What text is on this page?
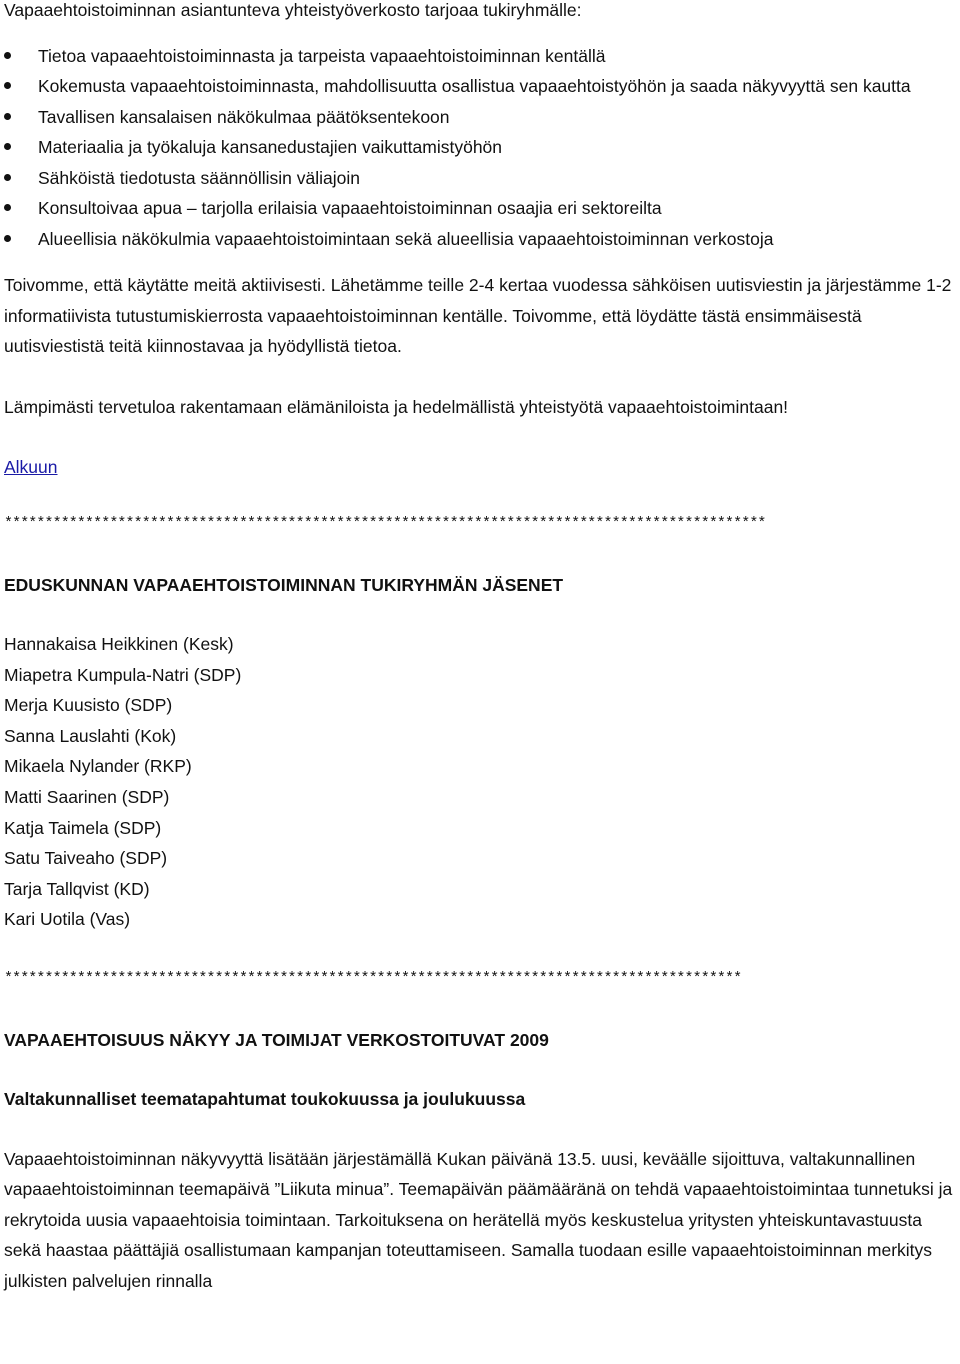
Vapaaehtoistoiminnan asiantunteva yhteistyöverkosto tarjoaa tukiryhmälle:

Tietoa vapaaehtoistoiminnasta ja tarpeista vapaaehtoistoiminnan kentällä
Kokemusta vapaaehtoistoiminnasta, mahdollisuutta osallistua vapaaehtoistyöhön ja saada näkyvyyttä sen kautta
Tavallisen kansalaisen näkökulmaa päätöksentekoon
Materiaalia ja työkaluja kansanedustajien vaikuttamistyöhön
Sähköistä tiedotusta säännöllisin väliajoin
Konsultoivaa apua – tarjolla erilaisia vapaaehtoistoiminnan osaajia eri sektoreilta
Alueellisia näkökulmia vapaaehtoistoimintaan sekä alueellisia vapaaehtoistoiminnan verkostoja

Toivomme, että käytätte meitä aktiivisesti. Lähetämme teille 2-4 kertaa vuodessa sähköisen uutisviestin ja järjestämme 1-2 informatiivista tutustumiskierrosta vapaaehtoistoiminnan kentälle. Toivomme, että löydätte tästä ensimmäisestä uutisviestistä teitä kiinnostavaa ja hyödyllistä tietoa.

Lämpimästi tervetuloa rakentamaan elämäniloista ja hedelmällistä yhteistyötä vapaaehtoistoimintaan!

Alkuun

**********************************************************************************************

EDUSKUNNAN VAPAAEHTOISTOIMINNAN TUKIRYHMÄN JÄSENET

Hannakaisa Heikkinen (Kesk)
Miapetra Kumpula-Natri (SDP)
Merja Kuusisto (SDP)
Sanna Lauslahti (Kok)
Mikaela Nylander (RKP)
Matti Saarinen (SDP)
Katja Taimela (SDP)
Satu Taiveaho (SDP)
Tarja Tallqvist (KD)
Kari Uotila (Vas)

*******************************************************************************************

VAPAAEHTOISUUS NÄKYY JA TOIMIJAT VERKOSTOITUVAT 2009

Valtakunnalliset teematapahtumat toukokuussa ja joulukuussa

Vapaaehtoistoiminnan näkyvyyttä lisätään järjestämällä Kukan päivänä 13.5. uusi, keväälle sijoittuva, valtakunnallinen vapaaehtoistoiminnan teemapäivä ”Liikuta minua”. Teemapäivän päämääränä on tehdä vapaaehtoistoimintaa tunnetuksi ja rekrytoida uusia vapaaehtoisia toimintaan. Tarkoituksena on herätellä myös keskustelua yritysten yhteiskuntavastuusta sekä haastaa päättäjiä osallistumaan kampanjan toteuttamiseen. Samalla tuodaan esille vapaaehtoistoiminnan merkitys julkisten palvelujen rinnalla
